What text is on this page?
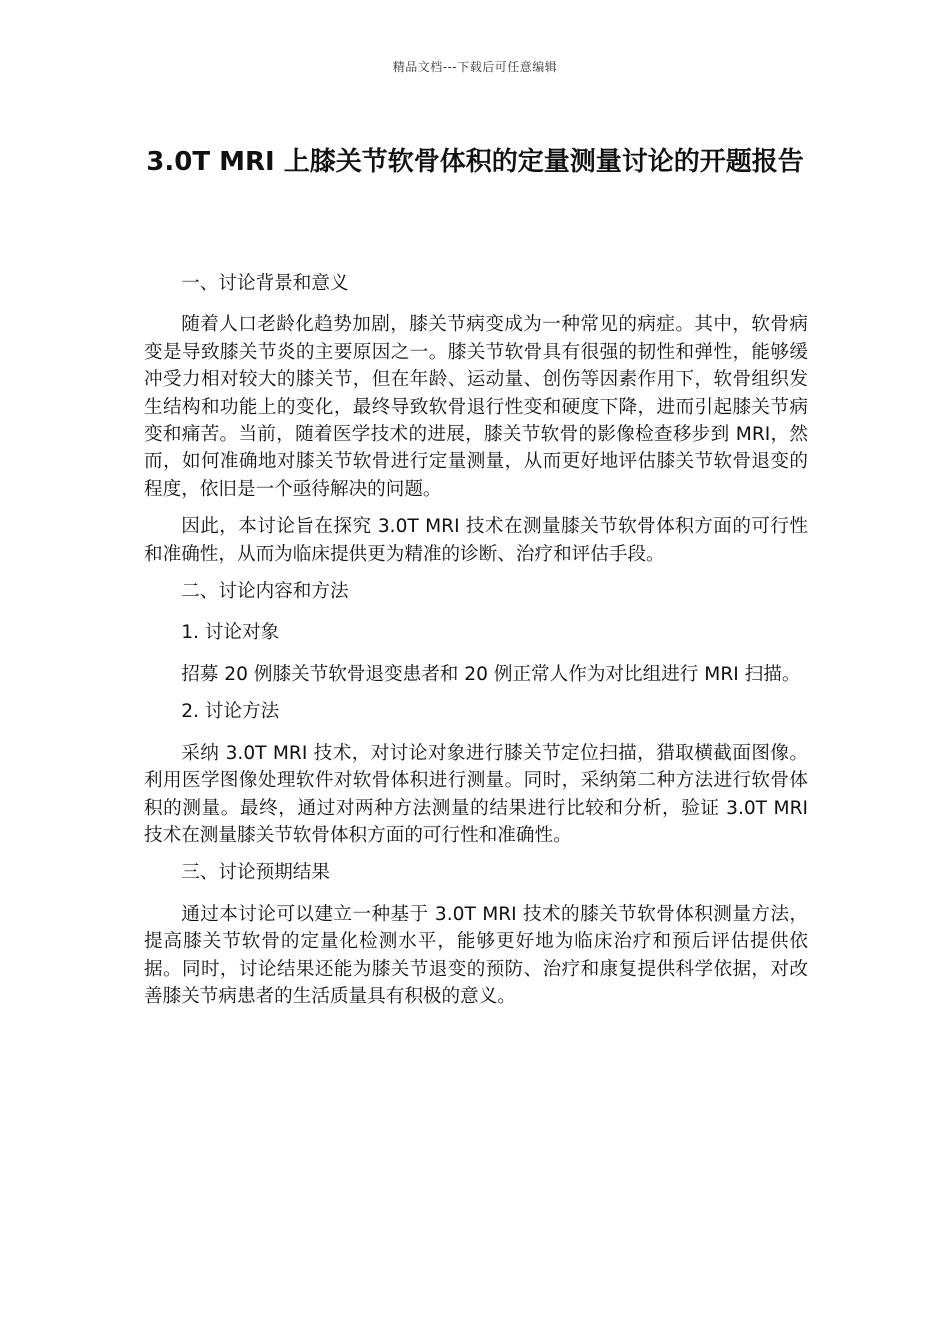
精品文档---下载后可任意编辑
3.0T MRI 上膝关节软骨体积的定量测量讨论的开题报告

一、讨论背景和意义

随着人口老龄化趋势加剧，膝关节病变成为一种常见的病症。其中，软骨病变是导致膝关节炎的主要原因之一。膝关节软骨具有很强的韧性和弹性，能够缓冲受力相对较大的膝关节，但在年龄、运动量、创伤等因素作用下，软骨组织发生结构和功能上的变化，最终导致软骨退行性变和硬度下降，进而引起膝关节病变和痛苦。当前，随着医学技术的进展，膝关节软骨的影像检查移步到 MRI，然而，如何准确地对膝关节软骨进行定量测量，从而更好地评估膝关节软骨退变的程度，依旧是一个亟待解决的问题。

因此，本讨论旨在探究 3.0T MRI 技术在测量膝关节软骨体积方面的可行性和准确性，从而为临床提供更为精准的诊断、治疗和评估手段。

二、讨论内容和方法

1. 讨论对象

招募 20 例膝关节软骨退变患者和 20 例正常人作为对比组进行 MRI 扫描。

2. 讨论方法

采纳 3.0T MRI 技术，对讨论对象进行膝关节定位扫描，猎取横截面图像。利用医学图像处理软件对软骨体积进行测量。同时，采纳第二种方法进行软骨体积的测量。最终，通过对两种方法测量的结果进行比较和分析，验证 3.0T MRI 技术在测量膝关节软骨体积方面的可行性和准确性。

三、讨论预期结果

通过本讨论可以建立一种基于 3.0T MRI 技术的膝关节软骨体积测量方法，提高膝关节软骨的定量化检测水平，能够更好地为临床治疗和预后评估提供依据。同时，讨论结果还能为膝关节退变的预防、治疗和康复提供科学依据，对改善膝关节病患者的生活质量具有积极的意义。
